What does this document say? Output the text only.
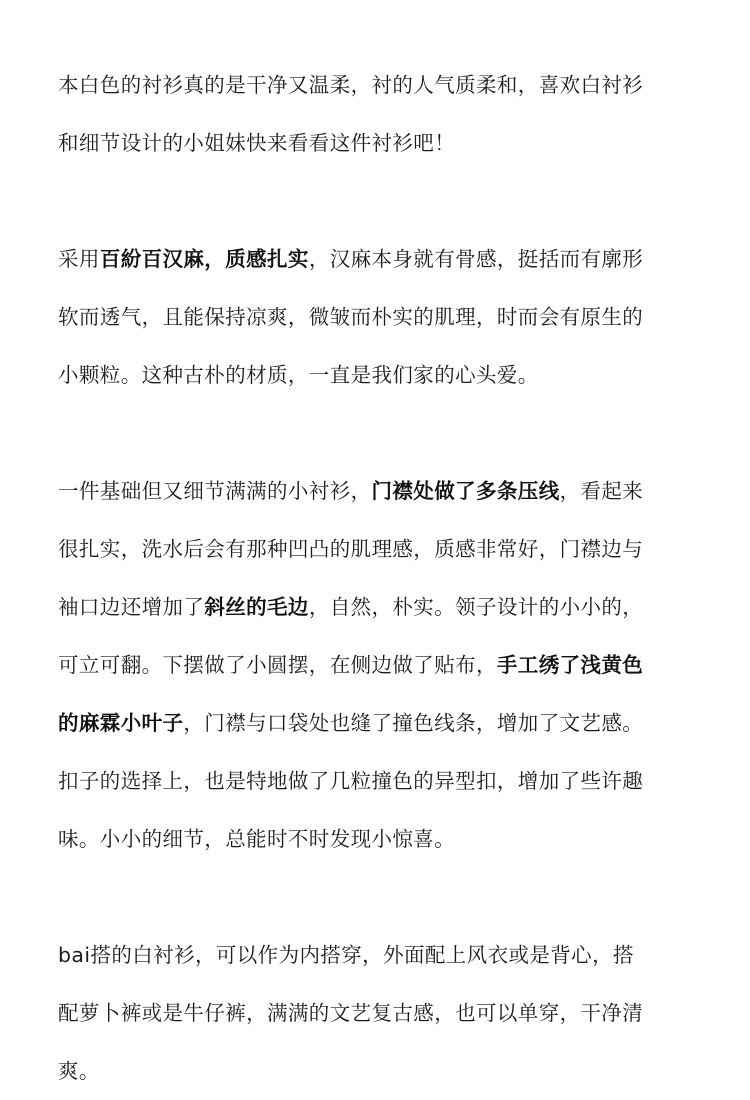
本白色的衬衫真的是干净又温柔，衬的人气质柔和，喜欢白衬衫
和细节设计的小姐妹快来看看这件衬衫吧！
采用百紛百汉麻，质感扎实，汉麻本身就有骨感，挺括而有廓形
软而透气，且能保持凉爽，微皱而朴实的肌理，时而会有原生的
小颗粒。这种古朴的材质，一直是我们家的心头爱。
一件基础但又细节满满的小衬衫，门襟处做了多条压线，看起来
很扎实，洗水后会有那种凹凸的肌理感，质感非常好，门襟边与
袖口边还增加了斜丝的毛边，自然，朴实。领子设计的小小的，
可立可翻。下摆做了小圆摆，在侧边做了贴布，手工绣了浅黄色
的麻霖小叶子，门襟与口袋处也缝了撞色线条，增加了文艺感。
扣子的选择上，也是特地做了几粒撞色的异型扣，增加了些许趣
味。小小的细节，总能时不时发现小惊喜。
bai搭的白衬衫，可以作为内搭穿，外面配上风衣或是背心，搭
配萝卜裤或是牛仔裤，满满的文艺复古感，也可以单穿，干净清
爽。
